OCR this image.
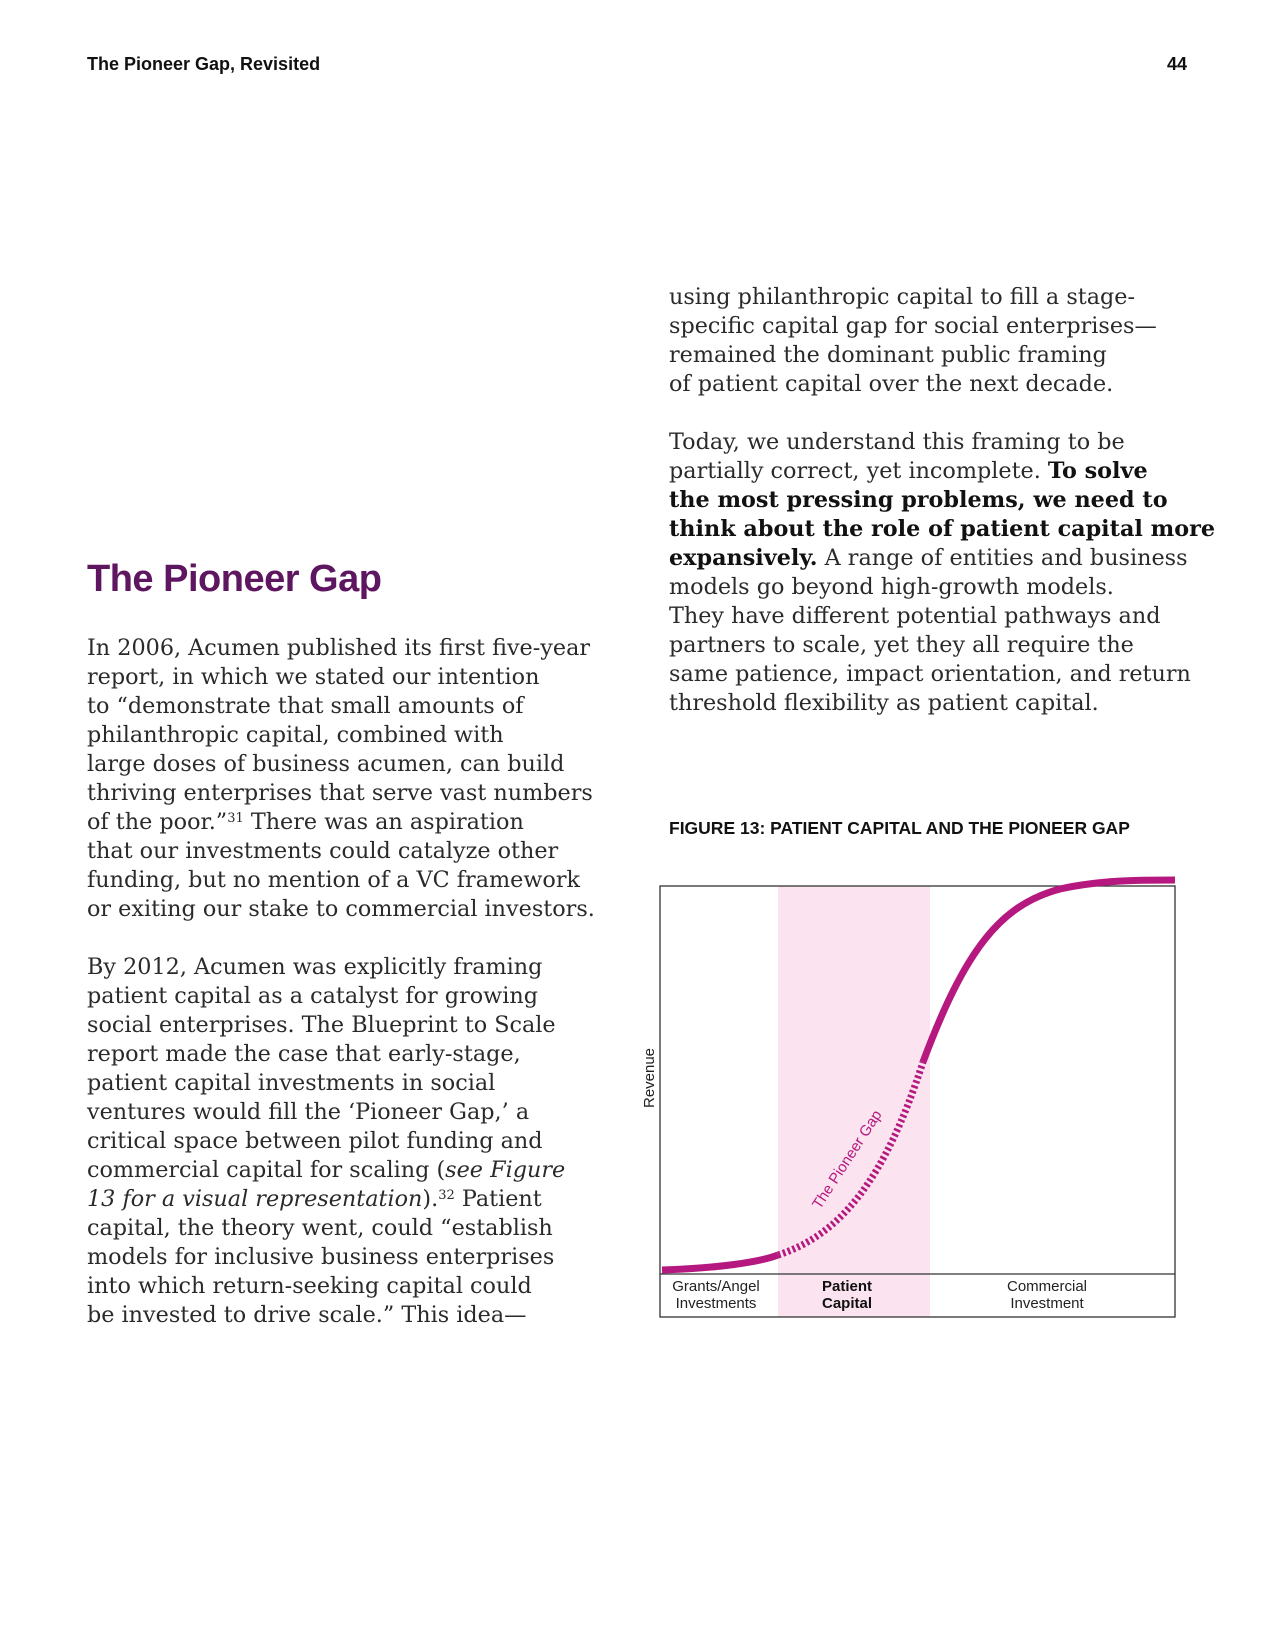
The Pioneer Gap, Revisited	44
The Pioneer Gap

In 2006, Acumen published its first five-year
report, in which we stated our intention
to “demonstrate that small amounts of
philanthropic capital, combined with
large doses of business acumen, can build
thriving enterprises that serve vast numbers
of the poor.”$^{31}$ There was an aspiration
that our investments could catalyze other
funding, but no mention of a VC framework
or exiting our stake to commercial investors.

By 2012, Acumen was explicitly framing
patient capital as a catalyst for growing
social enterprises. The Blueprint to Scale
report made the case that early-stage,
patient capital investments in social
ventures would fill the ‘Pioneer Gap,’ a
critical space between pilot funding and
commercial capital for scaling (see Figure
13 for a visual representation).$^{32}$ Patient
capital, the theory went, could “establish
models for inclusive business enterprises
into which return-seeking capital could
be invested to drive scale.” This idea—

using philanthropic capital to fill a stage-
specific capital gap for social enterprises—
remained the dominant public framing
of patient capital over the next decade.

Today, we understand this framing to be
partially correct, yet incomplete. To solve
the most pressing problems, we need to
think about the role of patient capital more
expansively. A range of entities and business
models go beyond high-growth models.
They have different potential pathways and
partners to scale, yet they all require the
same patience, impact orientation, and return
threshold flexibility as patient capital.

FIGURE 13: PATIENT CAPITAL AND THE PIONEER GAP
Revenue
The Pioneer Gap
Grants/Angel
Investments
Patient
Capital
Commercial
Investment
